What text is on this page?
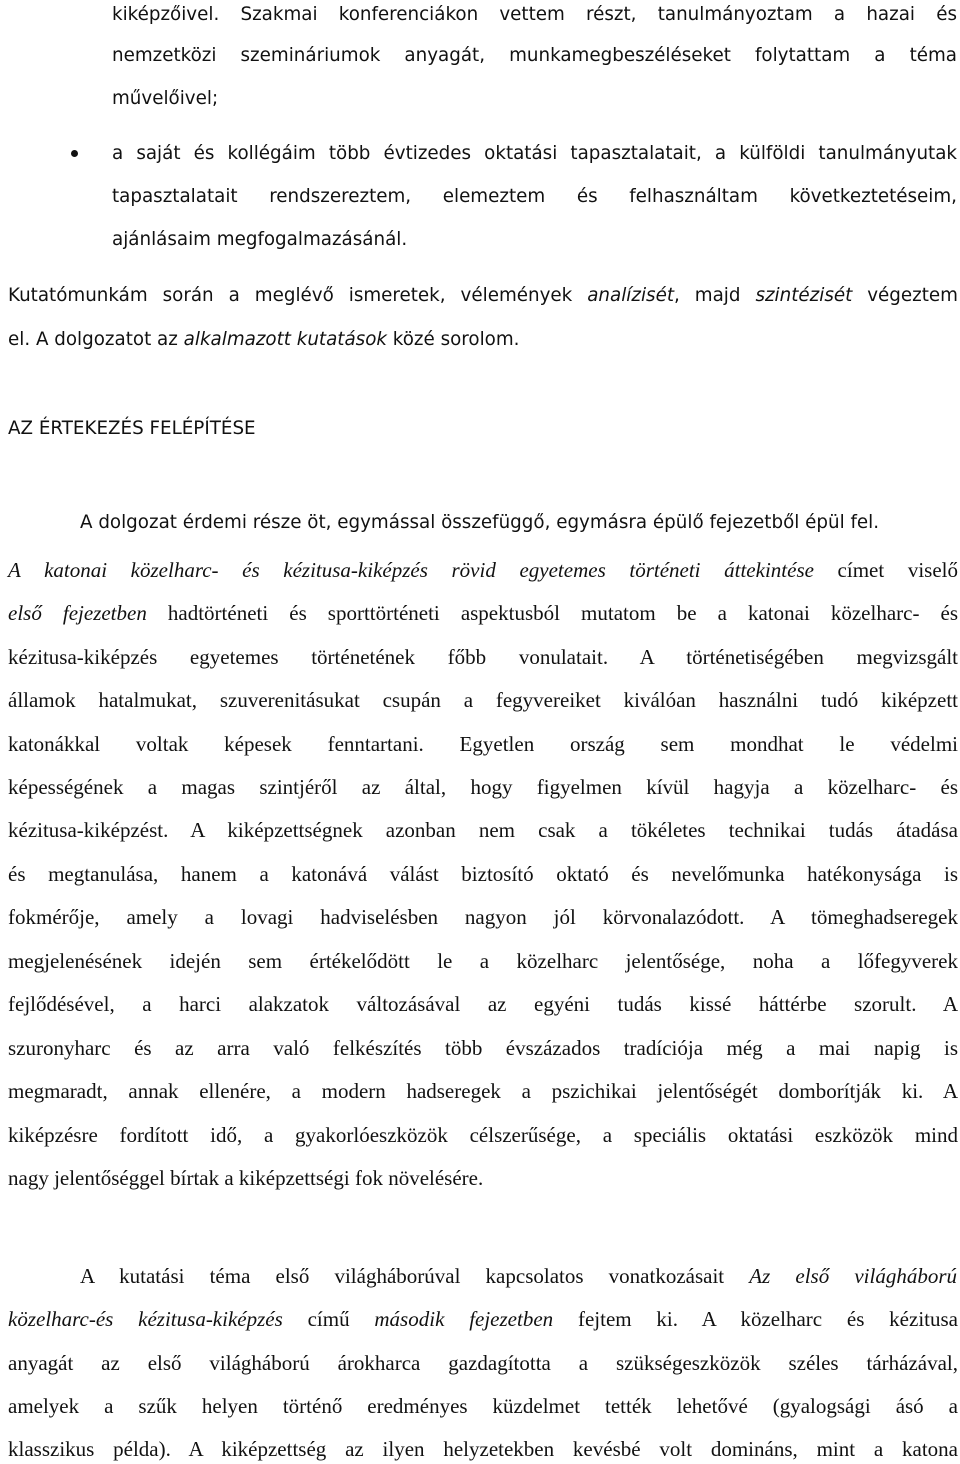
kiképzőivel. Szakmai konferenciákon vettem részt, tanulmányoztam a hazai és
nemzetközi szemináriumok anyagát, munkamegbeszéléseket folytattam a téma
művelőivel;
a saját és kollégáim több évtizedes oktatási tapasztalatait, a külföldi tanulmányutak
tapasztalatait rendszereztem, elemeztem és felhasználtam következtetéseim,
ajánlásaim megfogalmazásánál.
Kutatómunkám során a meglévő ismeretek, vélemények analízisét, majd szintézisét végeztem
el. A dolgozatot az alkalmazott kutatások közé sorolom.
AZ ÉRTEKEZÉS FELÉPÍTÉSE
A dolgozat érdemi része öt, egymással összefüggő, egymásra épülő fejezetből épül fel.
A katonai közelharc- és kézitusa-kiképzés rövid egyetemes történeti áttekintése címet viselő
első fejezetben hadtörténeti és sporttörténeti aspektusból mutatom be a katonai közelharc- és
kézitusa-kiképzés egyetemes történetének főbb vonulatait. A történetiségében megvizsgált
államok hatalmukat, szuverenitásukat csupán a fegyvereiket kiválóan használni tudó kiképzett
katonákkal voltak képesek fenntartani. Egyetlen ország sem mondhat le védelmi
képességének a magas szintjéről az által, hogy figyelmen kívül hagyja a közelharc- és
kézitusa-kiképzést. A kiképzettségnek azonban nem csak a tökéletes technikai tudás átadása
és megtanulása, hanem a katonává válást biztosító oktató és nevelőmunka hatékonysága is
fokmérője, amely a lovagi hadviselésben nagyon jól körvonalazódott. A tömeghadseregek
megjelenésének idején sem értékelődött le a közelharc jelentősége, noha a lőfegyverek
fejlődésével, a harci alakzatok változásával az egyéni tudás kissé háttérbe szorult. A
szuronyharc és az arra való felkészítés több évszázados tradíciója még a mai napig is
megmaradt, annak ellenére, a modern hadseregek a pszichikai jelentőségét domborítják ki. A
kiképzésre fordított idő, a gyakorlóeszközök célszerűsége, a speciális oktatási eszközök mind
nagy jelentőséggel bírtak a kiképzettségi fok növelésére.
A kutatási téma első világháborúval kapcsolatos vonatkozásait Az első világháború
közelharc-és kézitusa-kiképzés című második fejezetben fejtem ki. A közelharc és kézitusa
anyagát az első világháború árokharca gazdagította a szükségeszközök széles tárházával,
amelyek a szűk helyen történő eredményes küzdelmet tették lehetővé (gyalogsági ásó a
klasszikus példa). A kiképzettség az ilyen helyzetekben kevésbé volt domináns, mint a katona
